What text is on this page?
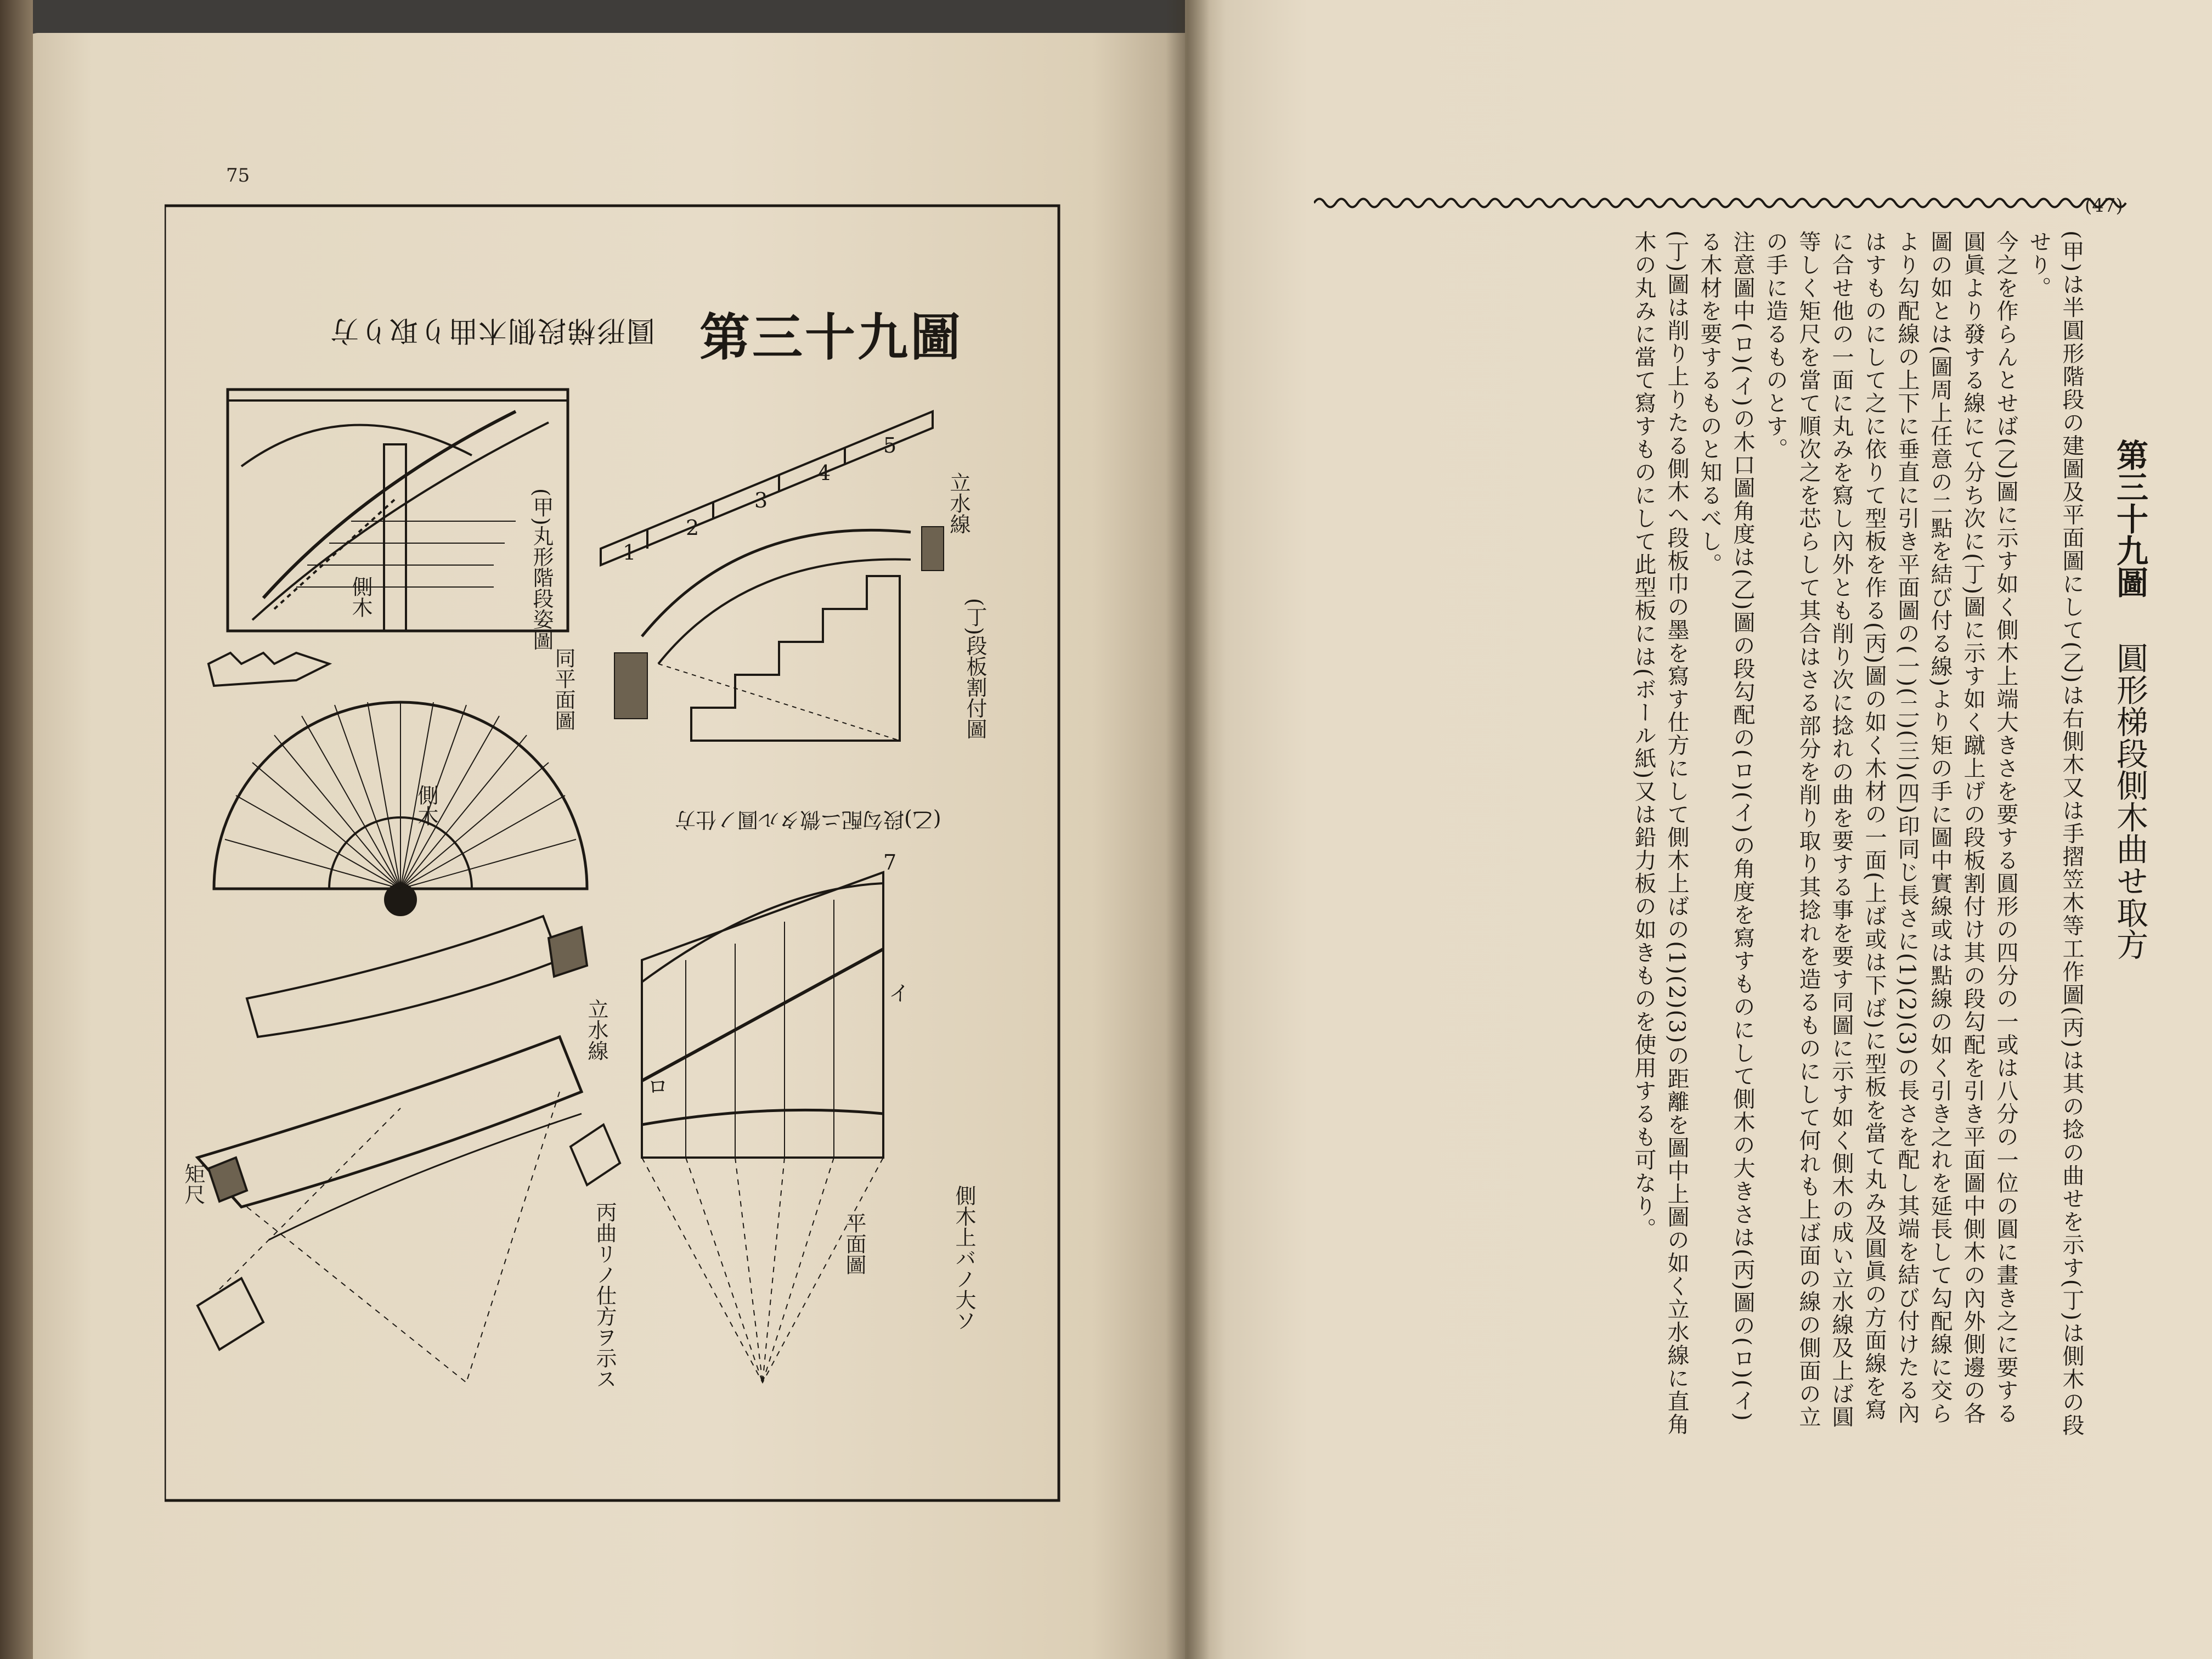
75
第三十九圖
圓形梯段側木曲り取り方
(甲)丸形階段姿圖
同平面圖
側木
側木
(丁)段板割付圖
立水線
(乙)段勾配ニ微タル圓ノ仕方
丙曲リノ仕方ヲ示ス	平面圖	側木上バノ大ソ
立水線
矩尺
1
2
3
4
5
ロ
イ
7
(47)
第三十九圖
圓形梯段側木曲せ取方
(甲)は半圓形階段の建圖及平面圖にして(乙)は右側木又は手摺笠木等工作圖(丙)は其の捻の曲せを示す(丁)は側木の段
せり。
今之を作らんとせば(乙)圖に示す如く側木上端大きさを要する圓形の四分の一或は八分の一位の圓に畫き之に要する
圓眞より發する線にて分ち次に(丁)圖に示す如く蹴上げの段板割付け其の段勾配を引き平面圖中側木の內外側邊の各
圖の如とは(圖周上任意の二點を結び付る線)より矩の手に圖中實線或は點線の如く引き之れを延長して勾配線に交ら
より勾配線の上下に垂直に引き平面圖の(一)(二)(三)(四)印同じ長さに(1)(2)(3)の長さを配し其端を結び付けたる內
はすものにして之に依りて型板を作る(丙)圖の如く木材の一面(上ば或は下ば)に型板を當て丸み及圓眞の方面線を寫
に合せ他の一面に丸みを寫し內外とも削り次に捻れの曲を要する事を要す同圖に示す如く側木の成い立水線及上ば圓
等しく矩尺を當て順次之を芯らして其合はさる部分を削り取り其捻れを造るものにして何れも上ば面の線の側面の立
の手に造るものとす。
注意圖中(ロ)(イ)の木口圖角度は(乙)圖の段勾配の(ロ)(イ)の角度を寫すものにして側木の大きさは(丙)圖の(ロ)(イ)
る木材を要するものと知るべし。
(丁)圖は削り上りたる側木へ段板巾の墨を寫す仕方にして側木上ばの(1)(2)(3)の距離を圖中上圖の如く立水線に直角
木の丸みに當て寫すものにして此型板には(ボール紙)又は鉛力板の如きものを使用するも可なり。
